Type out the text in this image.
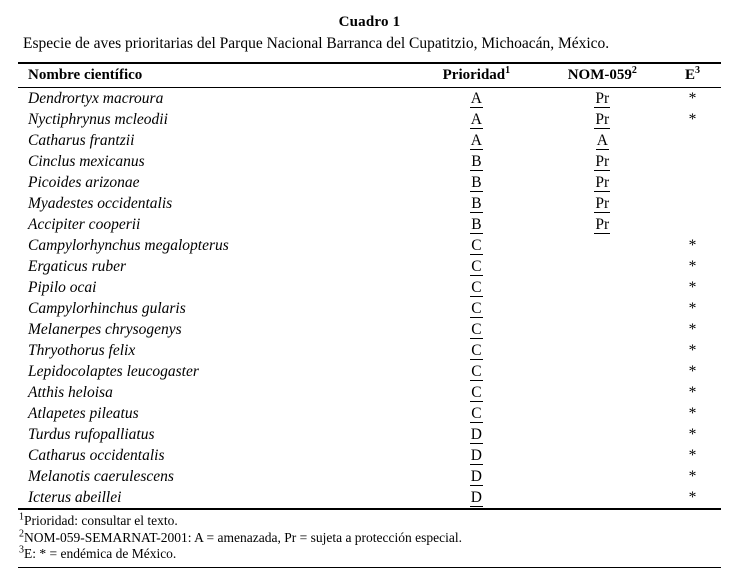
Cuadro 1
Especie de aves prioritarias del Parque Nacional Barranca del Cupatitzio, Michoacán, México.
Nombre científico	Prioridad$^1$	NOM-$059^2$	$E^3$
Dendrortyx macroura	A	Pr	*
Nyctiphrynus mcleodii	A	Pr	*
Catharus frantzii	A	A	
Cinclus mexicanus	B	Pr	
Picoides arizonae	B	Pr	
Myadestes occidentalis	B	Pr	
Accipiter cooperii	B	Pr	
Campylorhynchus megalopterus	C		*
Ergaticus ruber	C		*
Pipilo ocai	C		*
Campylorhinchus gularis	C		*
Melanerpes chrysogenys	C		*
Thryothorus felix	C		*
Lepidocolaptes leucogaster	C		*
Atthis heloisa	C		*
Atlapetes pileatus	C		*
Turdus rufopalliatus	D		*
Catharus occidentalis	D		*
Melanotis caerulescens	D		*
Icterus abeillei	D		*
$^1$Prioridad: consultar el texto.
$^2$NOM-059-SEMARNAT-2001: A = amenazada, Pr = sujeta a protección especial.
$^3$E: * = endémica de México.
